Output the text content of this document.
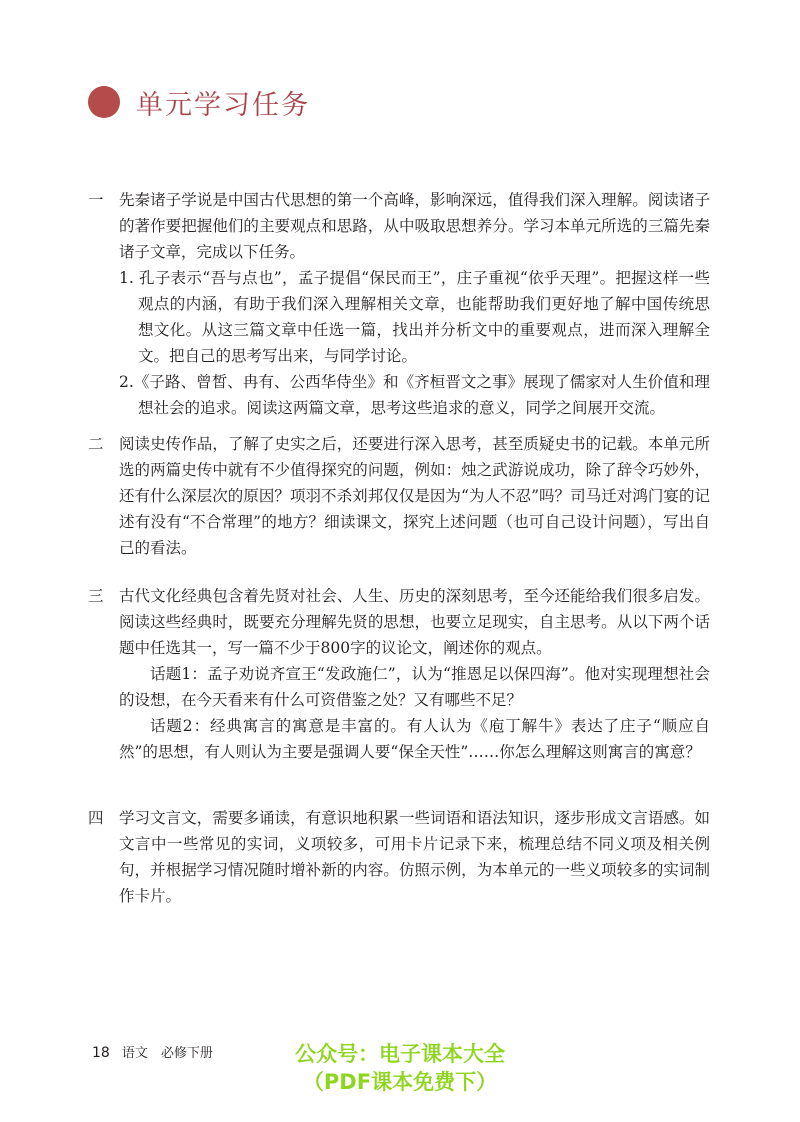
单元学习任务
一 先秦诸子学说是中国古代思想的第一个高峰，影响深远，值得我们深入理解。阅读诸子的著作要把握他们的主要观点和思路，从中吸取思想养分。学习本单元所选的三篇先秦诸子文章，完成以下任务。

1. 孔子表示“吾与点也”，孟子提倡“保民而王”，庄子重视“依乎天理”。把握这样一些观点的内涵，有助于我们深入理解相关文章，也能帮助我们更好地了解中国传统思想文化。从这三篇文章中任选一篇，找出并分析文中的重要观点，进而深入理解全文。把自己的思考写出来，与同学讨论。

2.《子路、曾皙、冉有、公西华侍坐》和《齐桓晋文之事》展现了儒家对人生价值和理想社会的追求。阅读这两篇文章，思考这些追求的意义，同学之间展开交流。

二 阅读史传作品，了解了史实之后，还要进行深入思考，甚至质疑史书的记载。本单元所选的两篇史传中就有不少值得探究的问题，例如：烛之武游说成功，除了辞令巧妙外，还有什么深层次的原因？项羽不杀刘邦仅仅是因为“为人不忍”吗？司马迁对鸿门宴的记述有没有“不合常理”的地方？细读课文，探究上述问题（也可自己设计问题），写出自己的看法。

三 古代文化经典包含着先贤对社会、人生、历史的深刻思考，至今还能给我们很多启发。阅读这些经典时，既要充分理解先贤的思想，也要立足现实，自主思考。从以下两个话题中任选其一，写一篇不少于800字的议论文，阐述你的观点。

话题1：孟子劝说齐宣王“发政施仁”，认为“推恩足以保四海”。他对实现理想社会的设想，在今天看来有什么可资借鉴之处？又有哪些不足？

话题2：经典寓言的寓意是丰富的。有人认为《庖丁解牛》表达了庄子“顺应自然”的思想，有人则认为主要是强调人要“保全天性”……你怎么理解这则寓言的寓意？

四 学习文言文，需要多诵读，有意识地积累一些词语和语法知识，逐步形成文言语感。如文言中一些常见的实词，义项较多，可用卡片记录下来，梳理总结不同义项及相关例句，并根据学习情况随时增补新的内容。仿照示例，为本单元的一些义项较多的实词制作卡片。

18 语文　必修下册	公众号：电子课本大全
（PDF课本免费下）
